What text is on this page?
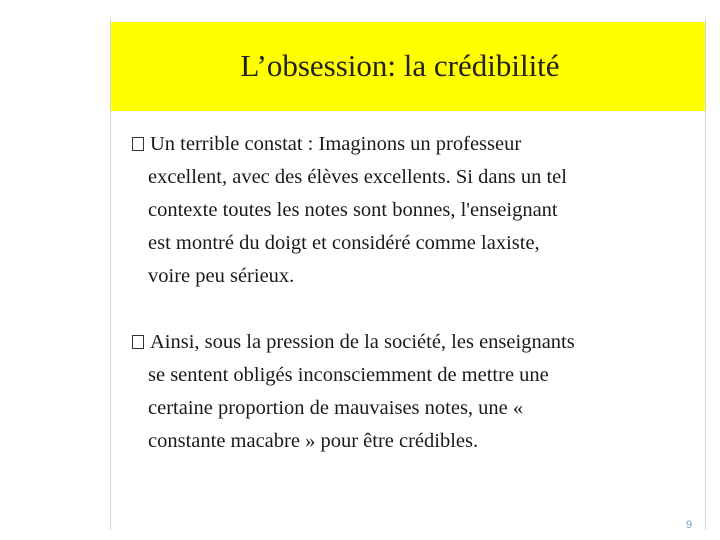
L’obsession: la crédibilité
Un terrible constat : Imaginons un professeur
excellent, avec des élèves excellents. Si dans un tel
contexte toutes les notes sont bonnes, l'enseignant
est montré du doigt et considéré comme laxiste,
voire peu sérieux.
Ainsi, sous la pression de la société, les enseignants
se sentent obligés inconsciemment de mettre une
certaine proportion de mauvaises notes, une «
constante macabre » pour être crédibles.
9
